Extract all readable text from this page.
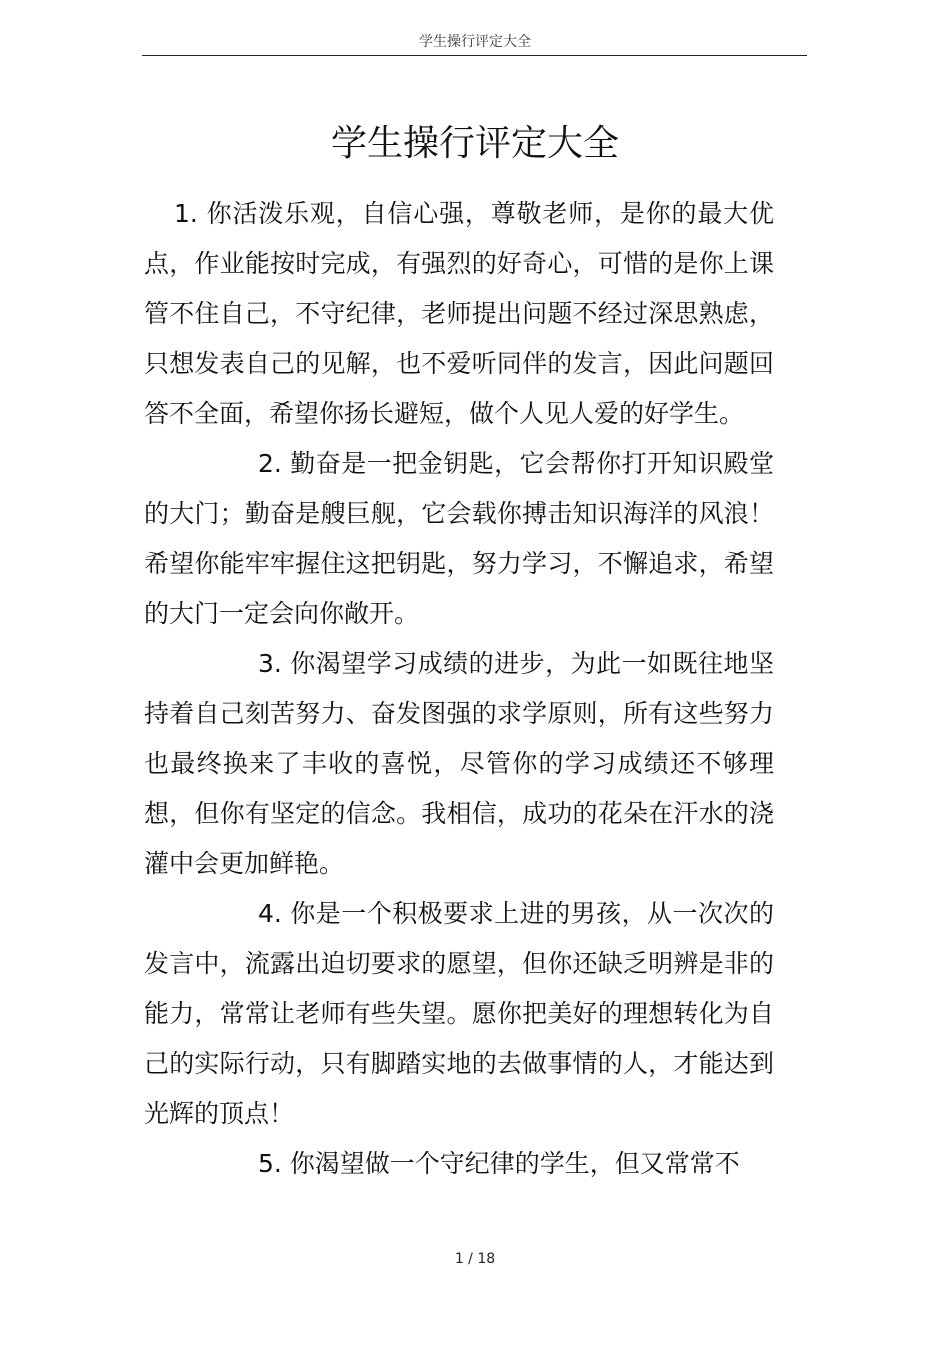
学生操行评定大全
学生操行评定大全

1. 你活泼乐观，自信心强，尊敬老师，是你的最大优点，作业能按时完成，有强烈的好奇心，可惜的是你上课管不住自己，不守纪律，老师提出问题不经过深思熟虑，只想发表自己的见解，也不爱听同伴的发言，因此问题回答不全面，希望你扬长避短，做个人见人爱的好学生。

2. 勤奋是一把金钥匙，它会帮你打开知识殿堂的大门；勤奋是艘巨舰，它会载你搏击知识海洋的风浪！希望你能牢牢握住这把钥匙，努力学习，不懈追求，希望的大门一定会向你敞开。

3. 你渴望学习成绩的进步，为此一如既往地坚持着自己刻苦努力、奋发图强的求学原则，所有这些努力也最终换来了丰收的喜悦，尽管你的学习成绩还不够理想，但你有坚定的信念。我相信，成功的花朵在汗水的浇灌中会更加鲜艳。

4. 你是一个积极要求上进的男孩，从一次次的发言中，流露出迫切要求的愿望，但你还缺乏明辨是非的能力，常常让老师有些失望。愿你把美好的理想转化为自己的实际行动，只有脚踏实地的去做事情的人，才能达到光辉的顶点！

5. 你渴望做一个守纪律的学生，但又常常不

1 / 18
